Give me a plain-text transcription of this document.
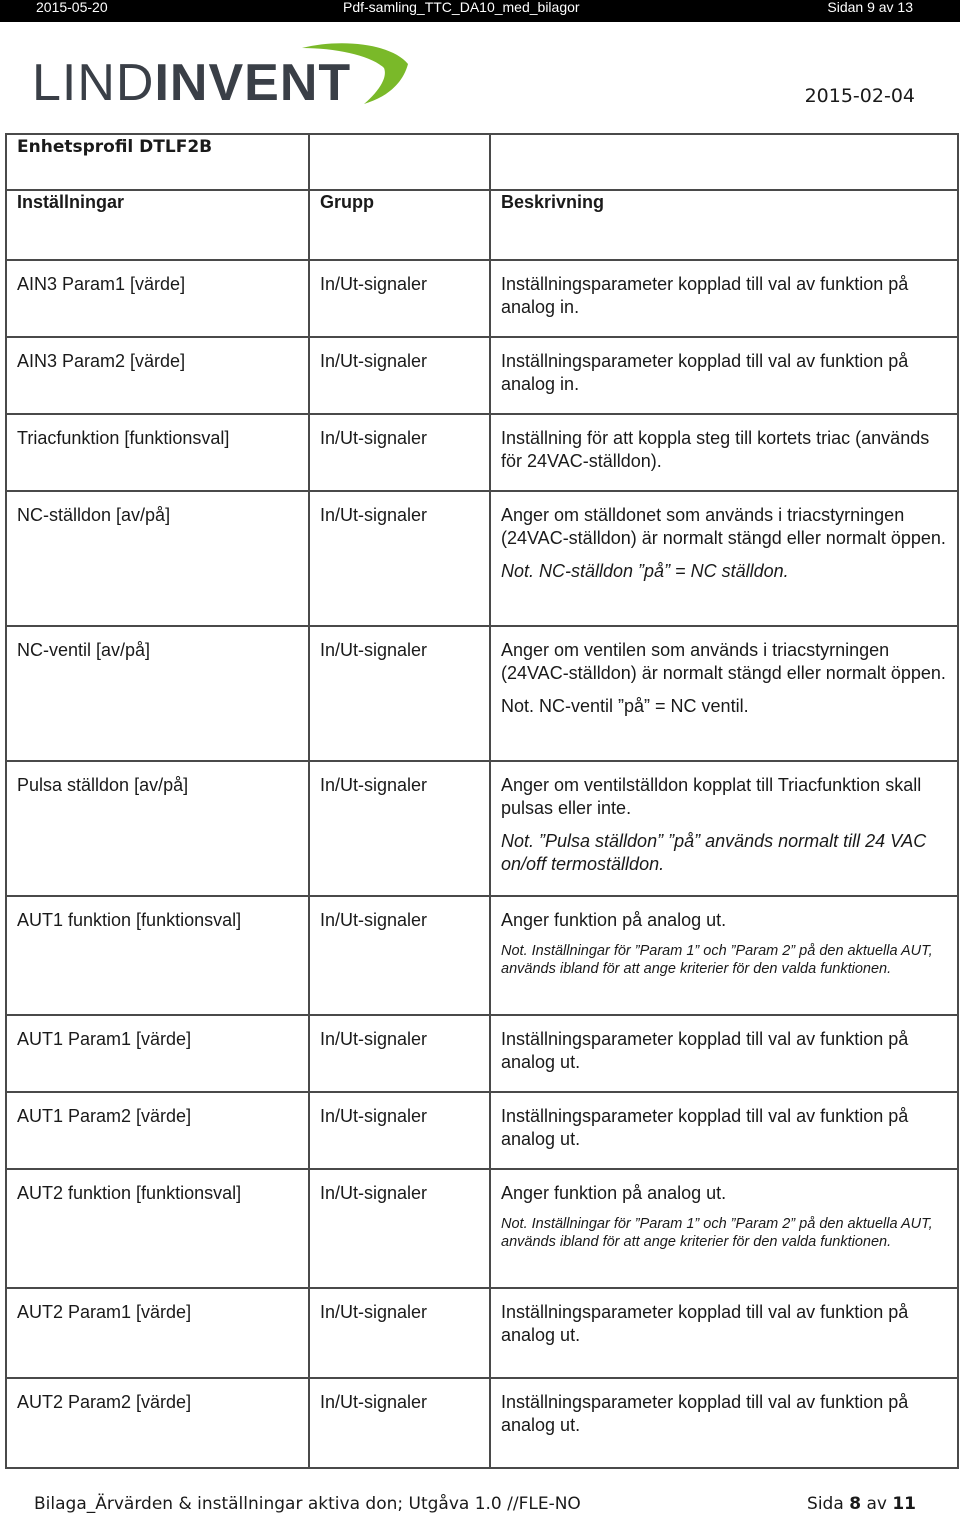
2015-05-20	Pdf-samling_TTC_DA10_med_bilagor	Sidan 9 av 13
LINDINVENT	2015-02-04
Enhetsprofil DTLF2B		
Inställningar	Grupp	Beskrivning
AIN3 Param1 [värde]	In/Ut-signaler	Inställningsparameter kopplad till val av funktion på analog in.

AIN3 Param2 [värde]	In/Ut-signaler	Inställningsparameter kopplad till val av funktion på analog in.

Triacfunktion [funktionsval]	In/Ut-signaler	Inställning för att koppla steg till kortets triac (används för 24VAC-ställdon).

NC-ställdon [av/på]	In/Ut-signaler	Anger om ställdonet som används i triacstyrningen (24VAC-ställdon) är normalt stängd eller normalt öppen.
Not. NC-ställdon ”på” = NC ställdon.

NC-ventil [av/på]	In/Ut-signaler	Anger om ventilen som används i triacstyrningen (24VAC-ställdon) är normalt stängd eller normalt öppen.
Not. NC-ventil ”på” = NC ventil.

Pulsa ställdon [av/på]	In/Ut-signaler	Anger om ventilställdon kopplat till Triacfunktion skall pulsas eller inte.
Not. ”Pulsa ställdon” ”på” används normalt till 24 VAC on/off termoställdon.

AUT1 funktion [funktionsval]	In/Ut-signaler	Anger funktion på analog ut.
Not. Inställningar för ”Param 1” och ”Param 2” på den aktuella AUT, används ibland för att ange kriterier för den valda funktionen.

AUT1 Param1 [värde]	In/Ut-signaler	Inställningsparameter kopplad till val av funktion på analog ut.

AUT1 Param2 [värde]	In/Ut-signaler	Inställningsparameter kopplad till val av funktion på analog ut.

AUT2 funktion [funktionsval]	In/Ut-signaler	Anger funktion på analog ut.
Not. Inställningar för ”Param 1” och ”Param 2” på den aktuella AUT, används ibland för att ange kriterier för den valda funktionen.

AUT2 Param1 [värde]	In/Ut-signaler	Inställningsparameter kopplad till val av funktion på analog ut.

AUT2 Param2 [värde]	In/Ut-signaler	Inställningsparameter kopplad till val av funktion på analog ut.
Bilaga_Ärvärden & inställningar aktiva don; Utgåva 1.0 //FLE-NO	Sida 8 av 11
